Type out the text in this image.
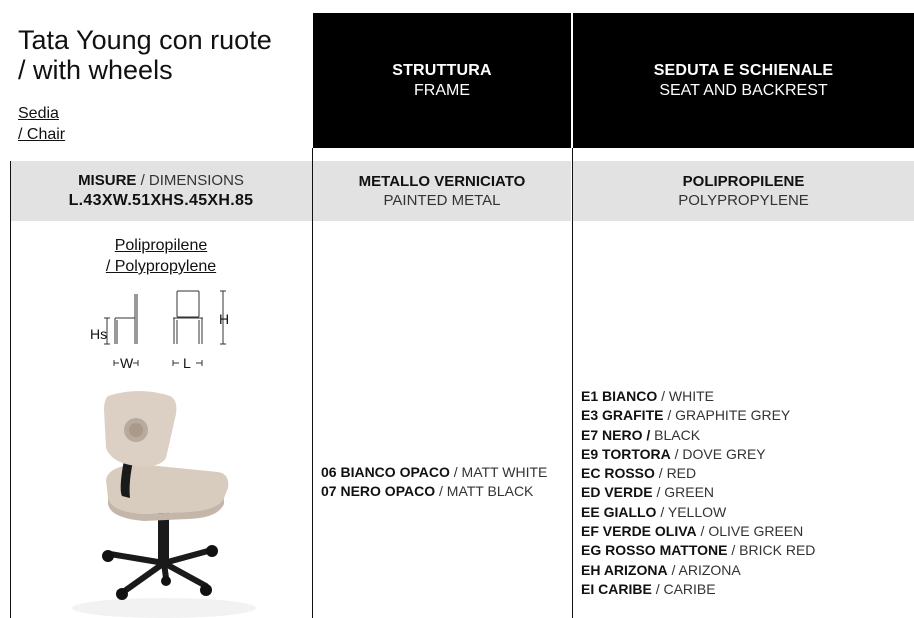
Tata Young con ruote
/ with wheels
Sedia
/ Chair
STRUTTURA
FRAME
SEDUTA E SCHIENALE
SEAT AND BACKREST
MISURE / DIMENSIONS
L.43XW.51XHS.45XH.85
METALLO VERNICIATO
PAINTED METAL
POLIPROPILENE
POLYPROPYLENE
Polipropilene
/ Polypropylene
Hs
H
W	L
06 BIANCO OPACO / MATT WHITE
07 NERO OPACO / MATT BLACK
E1 BIANCO / WHITE
E3 GRAFITE / GRAPHITE GREY
E7 NERO / BLACK
E9 TORTORA / DOVE GREY
EC ROSSO / RED
ED VERDE / GREEN
EE GIALLO / YELLOW
EF VERDE OLIVA / OLIVE GREEN
EG ROSSO MATTONE / BRICK RED
EH ARIZONA / ARIZONA
EI CARIBE / CARIBE
